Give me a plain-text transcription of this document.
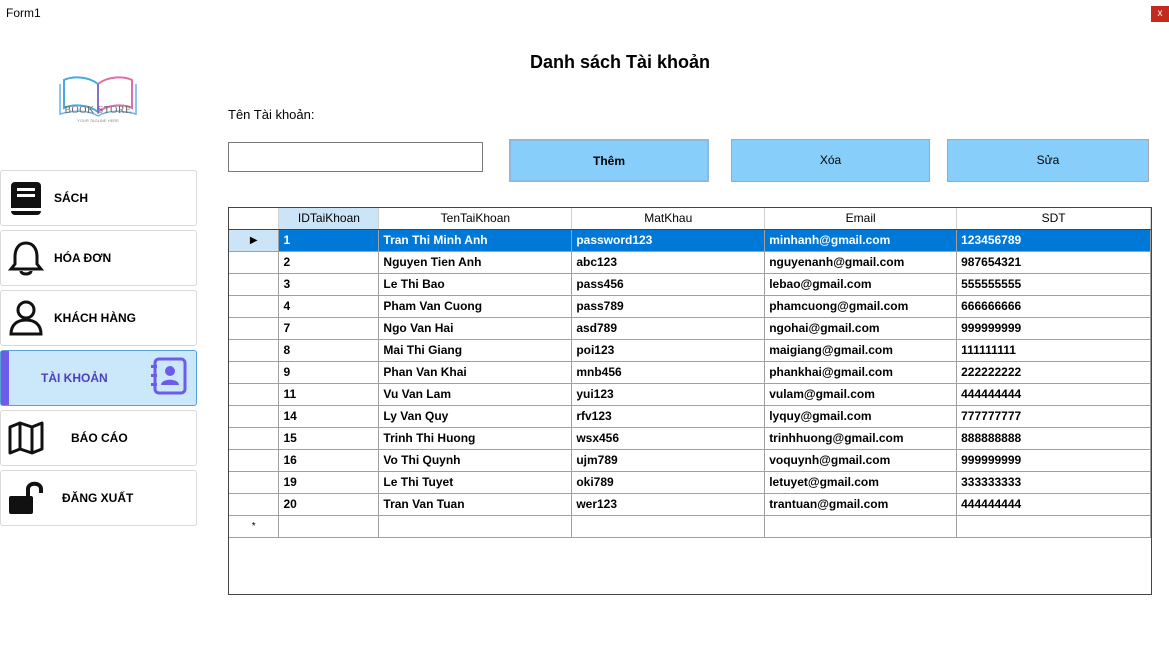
Form1	x
BOOK STORE
YOUR TAGLINE HERE
SÁCH
HÓA ĐƠN
KHÁCH HÀNG
TÀI KHOẢN
BÁO CÁO
ĐĂNG XUẤT
Danh sách Tài khoản
Tên Tài khoản:
Thêm	Xóa	Sửa
	IDTaiKhoan	TenTaiKhoan	MatKhau	Email	SDT
▶	1	Tran Thi Minh Anh	password123	minhanh@gmail.com	123456789
	2	Nguyen Tien Anh	abc123	nguyenanh@gmail.com	987654321
	3	Le Thi Bao	pass456	lebao@gmail.com	555555555
	4	Pham Van Cuong	pass789	phamcuong@gmail.com	666666666
	7	Ngo Van Hai	asd789	ngohai@gmail.com	999999999
	8	Mai Thi Giang	poi123	maigiang@gmail.com	111111111
	9	Phan Van Khai	mnb456	phankhai@gmail.com	222222222
	11	Vu Van Lam	yui123	vulam@gmail.com	444444444
	14	Ly Van Quy	rfv123	lyquy@gmail.com	777777777
	15	Trinh Thi Huong	wsx456	trinhhuong@gmail.com	888888888
	16	Vo Thi Quynh	ujm789	voquynh@gmail.com	999999999
	19	Le Thi Tuyet	oki789	letuyet@gmail.com	333333333
	20	Tran Van Tuan	wer123	trantuan@gmail.com	444444444
*					
